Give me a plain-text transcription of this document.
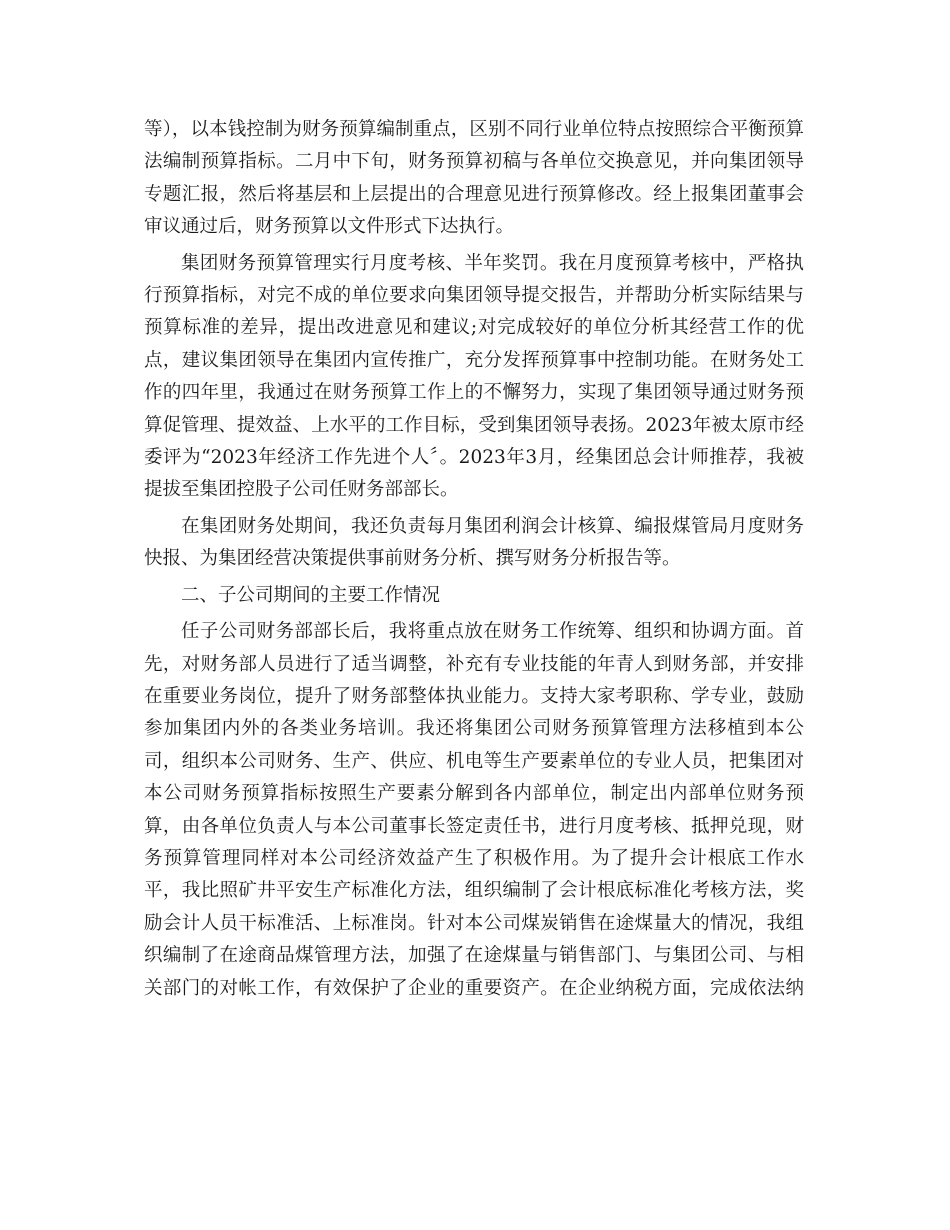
等），以本钱控制为财务预算编制重点，区别不同行业单位特点按照综合平衡预算
法编制预算指标。二月中下旬，财务预算初稿与各单位交换意见，并向集团领导
专题汇报，然后将基层和上层提出的合理意见进行预算修改。经上报集团董事会
审议通过后，财务预算以文件形式下达执行。

集团财务预算管理实行月度考核、半年奖罚。我在月度预算考核中，严格执
行预算指标，对完不成的单位要求向集团领导提交报告，并帮助分析实际结果与
预算标准的差异，提出改进意见和建议;对完成较好的单位分析其经营工作的优
点，建议集团领导在集团内宣传推广，充分发挥预算事中控制功能。在财务处工
作的四年里，我通过在财务预算工作上的不懈努力，实现了集团领导通过财务预
算促管理、提效益、上水平的工作目标，受到集团领导表扬。2023年被太原市经
委评为“2023年经济工作先进个人〞。2023年3月，经集团总会计师推荐，我被
提拔至集团控股子公司任财务部部长。

在集团财务处期间，我还负责每月集团利润会计核算、编报煤管局月度财务
快报、为集团经营决策提供事前财务分析、撰写财务分析报告等。

二、子公司期间的主要工作情况

任子公司财务部部长后，我将重点放在财务工作统筹、组织和协调方面。首
先，对财务部人员进行了适当调整，补充有专业技能的年青人到财务部，并安排
在重要业务岗位，提升了财务部整体执业能力。支持大家考职称、学专业，鼓励
参加集团内外的各类业务培训。我还将集团公司财务预算管理方法移植到本公
司，组织本公司财务、生产、供应、机电等生产要素单位的专业人员，把集团对
本公司财务预算指标按照生产要素分解到各内部单位，制定出内部单位财务预
算，由各单位负责人与本公司董事长签定责任书，进行月度考核、抵押兑现，财
务预算管理同样对本公司经济效益产生了积极作用。为了提升会计根底工作水
平，我比照矿井平安生产标准化方法，组织编制了会计根底标准化考核方法，奖
励会计人员干标准活、上标准岗。针对本公司煤炭销售在途煤量大的情况，我组
织编制了在途商品煤管理方法，加强了在途煤量与销售部门、与集团公司、与相
关部门的对帐工作，有效保护了企业的重要资产。在企业纳税方面，完成依法纳
